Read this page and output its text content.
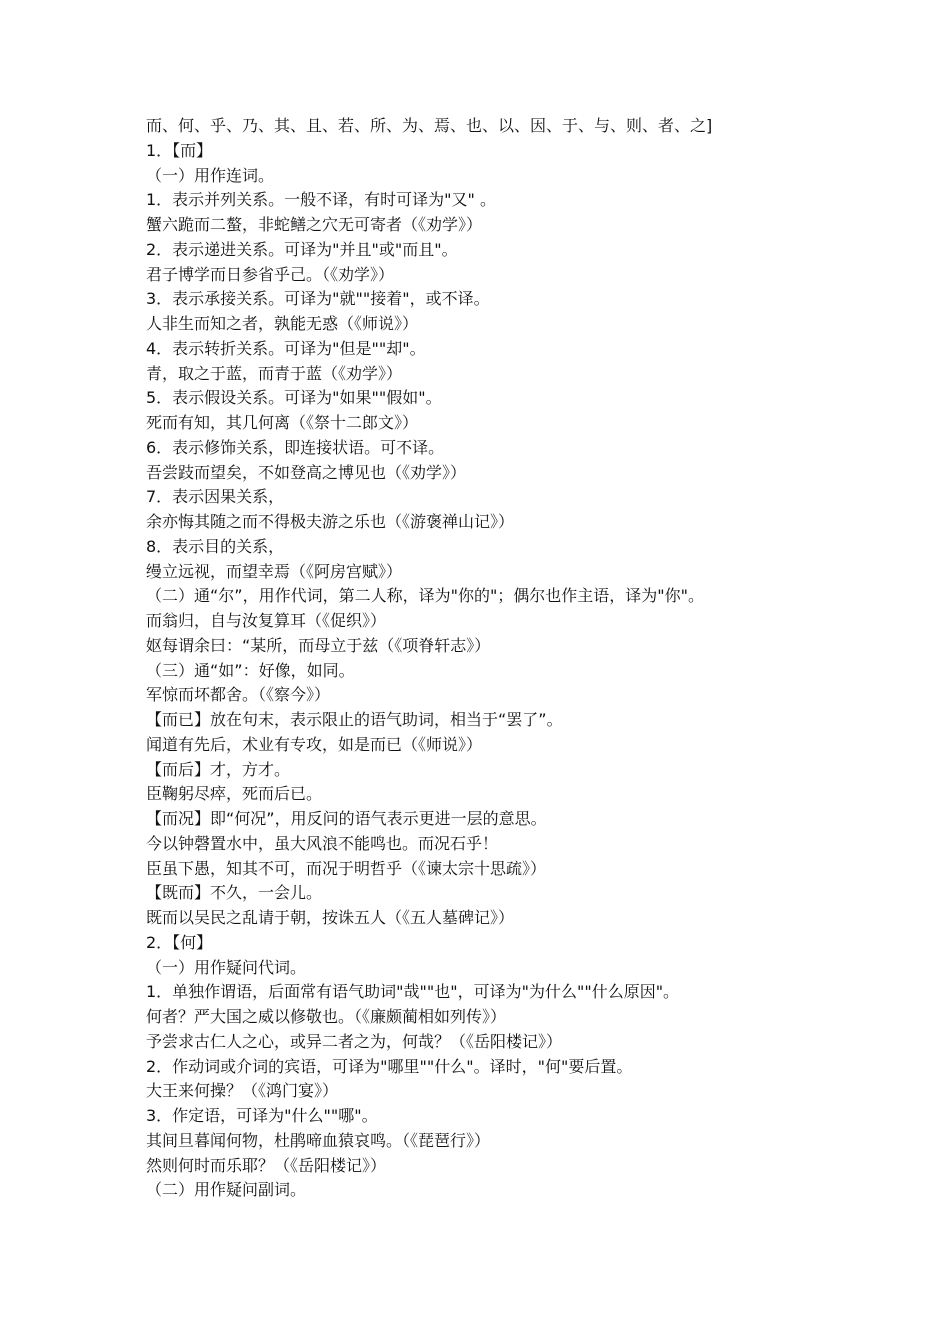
而、何、乎、乃、其、且、若、所、为、焉、也、以、因、于、与、则、者、之]

1．【而】

（一）用作连词。

1．表示并列关系。一般不译，有时可译为"又" 。

蟹六跪而二螯，非蛇鳝之穴无可寄者（《劝学》）

2．表示递进关系。可译为"并且"或"而且"。

君子博学而日参省乎己。（《劝学》）

3．表示承接关系。可译为"就""接着"，或不译。

人非生而知之者，孰能无惑（《师说》）

4．表示转折关系。可译为"但是""却"。

青，取之于蓝，而青于蓝（《劝学》）

5．表示假设关系。可译为"如果""假如"。

死而有知，其几何离（《祭十二郎文》）

6．表示修饰关系，即连接状语。可不译。

吾尝跂而望矣，不如登高之博见也（《劝学》）

7．表示因果关系，

余亦悔其随之而不得极夫游之乐也（《游褒禅山记》）

8．表示目的关系，

缦立远视，而望幸焉（《阿房宫赋》）

（二）通“尔”，用作代词，第二人称，译为"你的"；偶尔也作主语，译为"你"。

而翁归，自与汝复算耳（《促织》）

妪每谓余曰：“某所，而母立于兹（《项脊轩志》）

（三）通“如”：好像，如同。

军惊而坏都舍。（《察今》）

【而已】放在句末，表示限止的语气助词，相当于“罢了”。

闻道有先后，术业有专攻，如是而已（《师说》）

【而后】才，方才。

臣鞠躬尽瘁，死而后已。

【而况】即“何况”，用反问的语气表示更进一层的意思。

今以钟磬置水中，虽大风浪不能鸣也。而况石乎！

臣虽下愚，知其不可，而况于明哲乎（《谏太宗十思疏》）

【既而】不久，一会儿。

既而以吴民之乱请于朝，按诛五人（《五人墓碑记》）

2．【何】

（一）用作疑问代词。

1．单独作谓语，后面常有语气助词"哉""也"，可译为"为什么""什么原因"。

何者？严大国之威以修敬也。（《廉颇蔺相如列传》）

予尝求古仁人之心，或异二者之为，何哉？（《岳阳楼记》）

2．作动词或介词的宾语，可译为"哪里""什么"。译时，"何"要后置。

大王来何操？（《鸿门宴》）

3．作定语，可译为"什么""哪"。

其间旦暮闻何物，杜鹃啼血猿哀鸣。（《琵琶行》）

然则何时而乐耶？（《岳阳楼记》）

（二）用作疑问副词。
